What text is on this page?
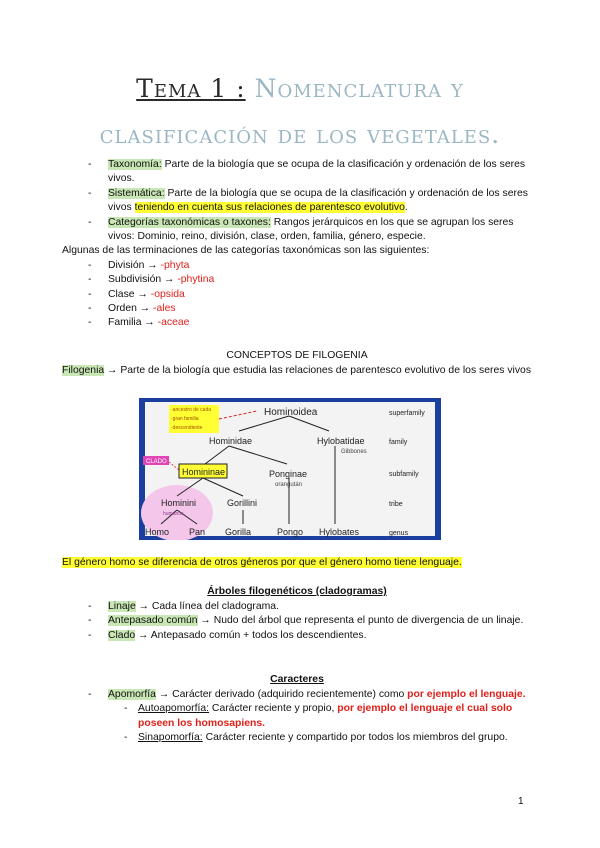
Tema 1 : Nomenclatura y clasificación de los vegetales.
- Taxonomía: Parte de la biología que se ocupa de la clasificación y ordenación de los seres vivos.
- Sistemática: Parte de la biología que se ocupa de la clasificación y ordenación de los seres vivos teniendo en cuenta sus relaciones de parentesco evolutivo.
- Categorías taxonómicas o taxones: Rangos jerárquicos en los que se agrupan los seres vivos: Dominio, reino, división, clase, orden, familia, género, especie.
Algunas de las terminaciones de las categorías taxonómicas son las siguientes:
- División → -phyta
- Subdivisión → -phytina
- Clase → -opsida
- Orden → -ales
- Familia → -aceae
CONCEPTOS DE FILOGENIA
Filogenia → Parte de la biología que estudia las relaciones de parentesco evolutivo de los seres vivos
·ancestro de cada
·gran familia
·descendiente
CLADO
Hominoidea
Hominidae	Hylobatidae
Gibbones
Homininae	Ponginae
orangután
Hominini
humanos
Gorillini
Homo Pan Gorilla	Pongo Hylobates
superfamily
family
subfamily
tribe
genus
El género homo se diferencia de otros géneros por que el género homo tiene lenguaje.
Árboles filogenéticos (cladogramas)
- Linaje → Cada línea del cladograma.
- Antepasado común → Nudo del árbol que representa el punto de divergencia de un linaje.
- Clado → Antepasado común + todos los descendientes.
Caracteres
- Apomorfía → Carácter derivado (adquirido recientemente) como por ejemplo el lenguaje.
- Autoapomorfía: Carácter reciente y propio, por ejemplo el lenguaje el cual solo poseen los homosapiens.
- Sinapomorfía: Carácter reciente y compartido por todos los miembros del grupo.
1
